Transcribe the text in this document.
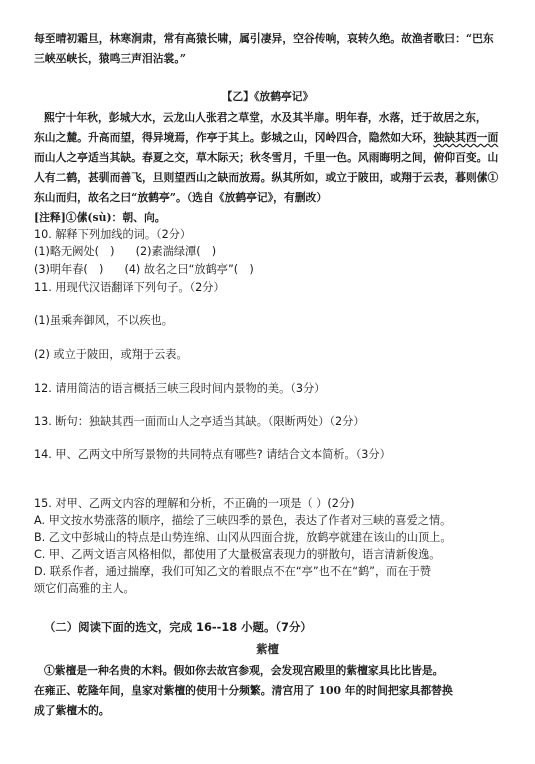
每至晴初霜旦，林寒涧肃，常有高猿长啸，属引凄异，空谷传响，哀转久绝。故渔者歌曰：“巴东
三峡巫峡长，猿鸣三声泪沾裳。”
【乙】《放鹤亭记》
熙宁十年秋，彭城大水，云龙山人张君之草堂，水及其半扉。明年春，水落，迁于故居之东，
东山之麓。升高而望，得异境焉，作亭于其上。彭城之山，冈岭四合，隐然如大环，独缺其西一面
而山人之亭适当其缺。春夏之交，草木际天；秋冬雪月，千里一色。风雨晦明之间，俯仰百变。山
人有二鹤，甚驯而善飞，旦则望西山之缺而放焉。纵其所如，或立于陂田，或翔于云表，暮则傃①
东山而归，故名之曰“放鹤亭”。（选自《放鹤亭记》，有删改）
[注释]①傃(sù)：朝、向。
10. 解释下列加线的词。（2分）
(1)略无阙处(　) (2)素湍绿潭(　)
(3)明年春(　) (4) 故名之曰“放鹤亭”(　)
11. 用现代汉语翻译下列句子。（2分）
(1)虽乘奔御风，不以疾也。
(2) 或立于陂田，或翔于云表。
12. 请用简洁的语言概括三峡三段时间内景物的美。（3分）
13. 断句：独缺其西一面而山人之亭适当其缺。（限断两处）（2分）
14. 甲、乙两文中所写景物的共同特点有哪些? 请结合文本简析。（3分）
15. 对甲、乙两文内容的理解和分析，不正确的一项是（ ）(2分)
A. 甲文按水势涨落的顺序，描绘了三峡四季的景色，表达了作者对三峡的喜爱之情。
B. 乙文中彭城山的特点是山势连绵、山冈从四面合拢，放鹤亭就建在该山的山顶上。
C. 甲、乙两文语言风格相似，都使用了大量极富表现力的骈散句，语言清新俊逸。
D. 联系作者，通过揣摩，我们可知乙文的着眼点不在“亭”也不在“鹤”，而在于赞
颂它们高雅的主人。
（二）阅读下面的选文，完成 16--18 小题。（7分）
紫檀
①紫檀是一种名贵的木料。假如你去故宫参观，会发现宫殿里的紫檀家具比比皆是。
在雍正、乾隆年间，皇家对紫檀的使用十分频繁。清宫用了 100 年的时间把家具都替换
成了紫檀木的。
